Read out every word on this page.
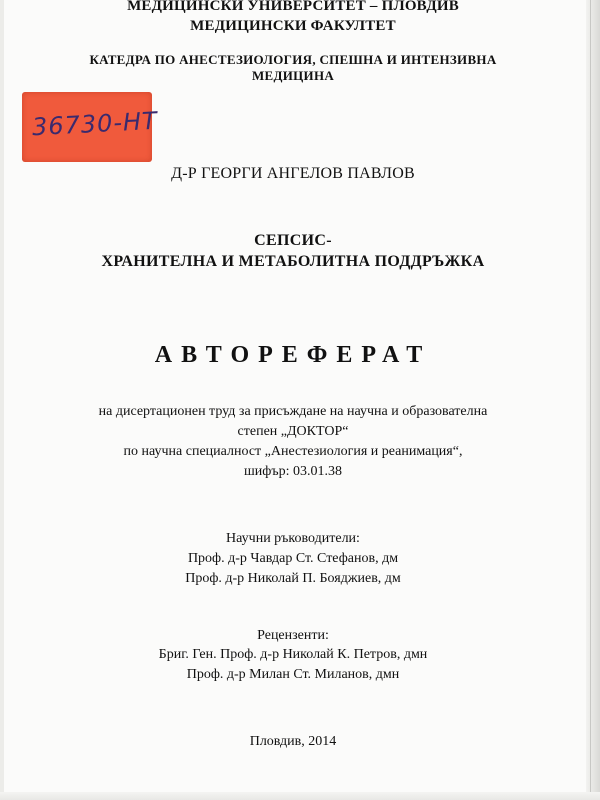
МЕДИЦИНСКИ УНИВЕРСИТЕТ – ПЛОВДИВ
МЕДИЦИНСКИ ФАКУЛТЕТ
КАТЕДРА ПО АНЕСТЕЗИОЛОГИЯ, СПЕШНА И ИНТЕНЗИВНА
МЕДИЦИНА
36730-НТ
Д-Р ГЕОРГИ АНГЕЛОВ ПАВЛОВ
СЕПСИС-
ХРАНИТЕЛНА И МЕТАБОЛИТНА ПОДДРЪЖКА
АВТОРЕФЕРАТ
на дисертационен труд за присъждане на научна и образователна
степен „ДОКТОР“
по научна специалност „Анестезиология и реанимация“,
шифър: 03.01.38
Научни ръководители:
Проф. д-р Чавдар Ст. Стефанов, дм
Проф. д-р Николай П. Бояджиев, дм
Рецензенти:
Бриг. Ген. Проф. д-р Николай К. Петров, дмн
Проф. д-р Милан Ст. Миланов, дмн
Пловдив, 2014
